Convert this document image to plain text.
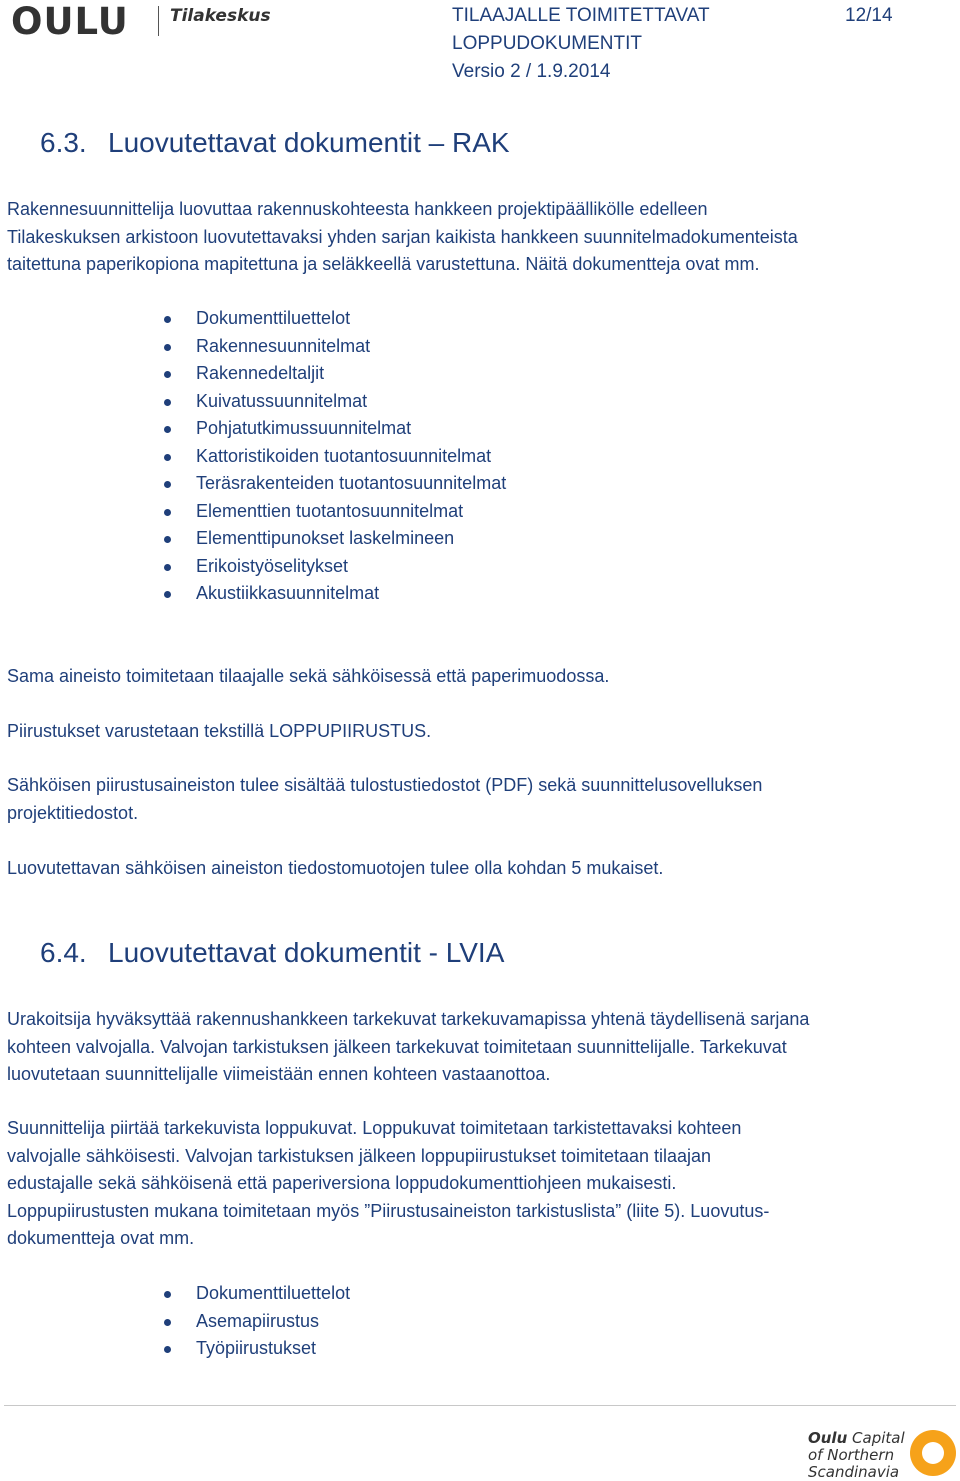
OULU Tilakeskus	TILAAJALLE TOIMITETTAVAT
LOPPUDOKUMENTIT
Versio 2 / 1.9.2014
12/14
6.3. Luovutettavat dokumentit – RAK
Rakennesuunnittelija luovuttaa rakennuskohteesta hankkeen projektipäällikölle edelleen
Tilakeskuksen arkistoon luovutettavaksi yhden sarjan kaikista hankkeen suunnitelmadokumenteista
taitettuna paperikopiona mapitettuna ja seläkkeellä varustettuna. Näitä dokumentteja ovat mm.
Dokumenttiluettelot
Rakennesuunnitelmat
Rakennedeltaljit
Kuivatussuunnitelmat
Pohjatutkimussuunnitelmat
Kattoristikoiden tuotantosuunnitelmat
Teräsrakenteiden tuotantosuunnitelmat
Elementtien tuotantosuunnitelmat
Elementtipunokset laskelmineen
Erikoistyöselitykset
Akustiikkasuunnitelmat
Sama aineisto toimitetaan tilaajalle sekä sähköisessä että paperimuodossa.
Piirustukset varustetaan tekstillä LOPPUPIIRUSTUS.
Sähköisen piirustusaineiston tulee sisältää tulostustiedostot (PDF) sekä suunnittelusovelluksen
projektitiedostot.
Luovutettavan sähköisen aineiston tiedostomuotojen tulee olla kohdan 5 mukaiset.
6.4. Luovutettavat dokumentit - LVIA
Urakoitsija hyväksyttää rakennushankkeen tarkekuvat tarkekuvamapissa yhtenä täydellisenä sarjana
kohteen valvojalla. Valvojan tarkistuksen jälkeen tarkekuvat toimitetaan suunnittelijalle. Tarkekuvat
luovutetaan suunnittelijalle viimeistään ennen kohteen vastaanottoa.
Suunnittelija piirtää tarkekuvista loppukuvat. Loppukuvat toimitetaan tarkistettavaksi kohteen
valvojalle sähköisesti. Valvojan tarkistuksen jälkeen loppupiirustukset toimitetaan tilaajan
edustajalle sekä sähköisenä että paperiversiona loppudokumenttiohjeen mukaisesti.
Loppupiirustusten mukana toimitetaan myös ”Piirustusaineiston tarkistuslista” (liite 5). Luovutus-
dokumentteja ovat mm.
Dokumenttiluettelot
Asemapiirustus
Työpiirustukset
Oulu Capital
of Northern
Scandinavia
